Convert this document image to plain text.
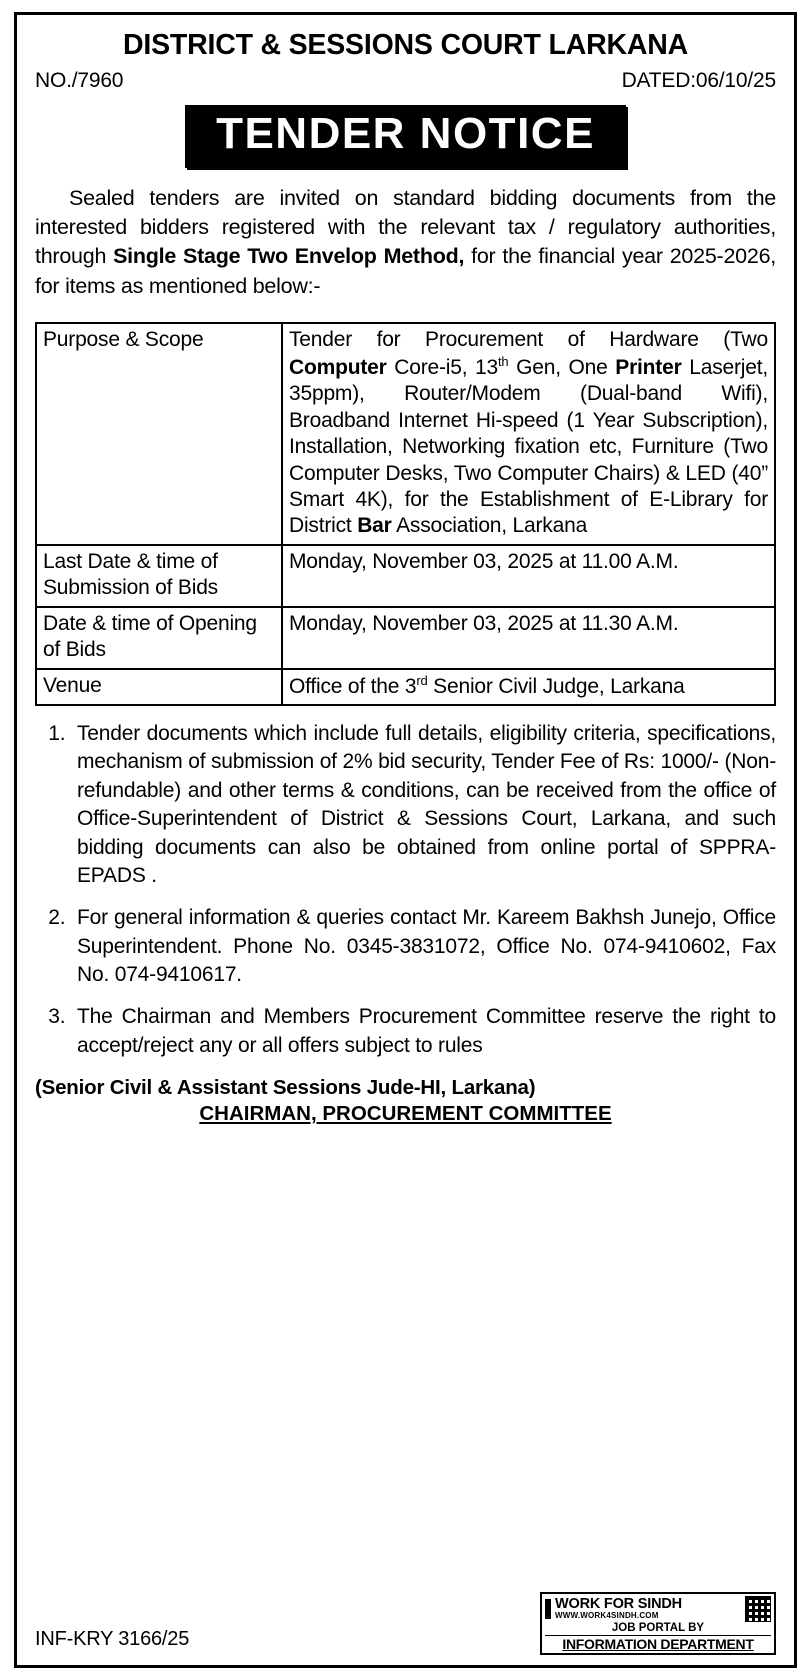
DISTRICT & SESSIONS COURT LARKANA
NO./7960	DATED:06/10/25
TENDER NOTICE

Sealed tenders are invited on standard bidding documents from the interested bidders registered with the relevant tax / regulatory authorities, through Single Stage Two Envelop Method, for the financial year 2025-2026, for items as mentioned below:-

Purpose & Scope	Tender for Procurement of Hardware (Two Computer Core-i5, 13th Gen, One Printer Laserjet, 35ppm), Router/Modem (Dual-band Wifi), Broadband Internet Hi-speed (1 Year Subscription), Installation, Networking fixation etc, Furniture (Two Computer Desks, Two Computer Chairs) & LED (40” Smart 4K), for the Establishment of E-Library for District Bar Association, Larkana
Last Date & time of Submission of Bids	Monday, November 03, 2025 at 11.00 A.M.
Date & time of Opening of Bids	Monday, November 03, 2025 at 11.30 A.M.
Venue	Office of the 3rd Senior Civil Judge, Larkana
1. Tender documents which include full details, eligibility criteria, specifications, mechanism of submission of 2% bid security, Tender Fee of Rs: 1000/- (Non-refundable) and other terms & conditions, can be received from the office of Office-Superintendent of District & Sessions Court, Larkana, and such bidding documents can also be obtained from online portal of SPPRA-EPADS .
2. For general information & queries contact Mr. Kareem Bakhsh Junejo, Office Superintendent. Phone No. 0345-3831072, Office No. 074-9410602, Fax No. 074-9410617.
3. The Chairman and Members Procurement Committee reserve the right to accept/reject any or all offers subject to rules
(Senior Civil & Assistant Sessions Jude-HI, Larkana)
CHAIRMAN, PROCUREMENT COMMITTEE
INF-KRY 3166/25
WORK FOR SINDH
WWW.WORK4SINDH.COM
JOB PORTAL BY
INFORMATION DEPARTMENT
